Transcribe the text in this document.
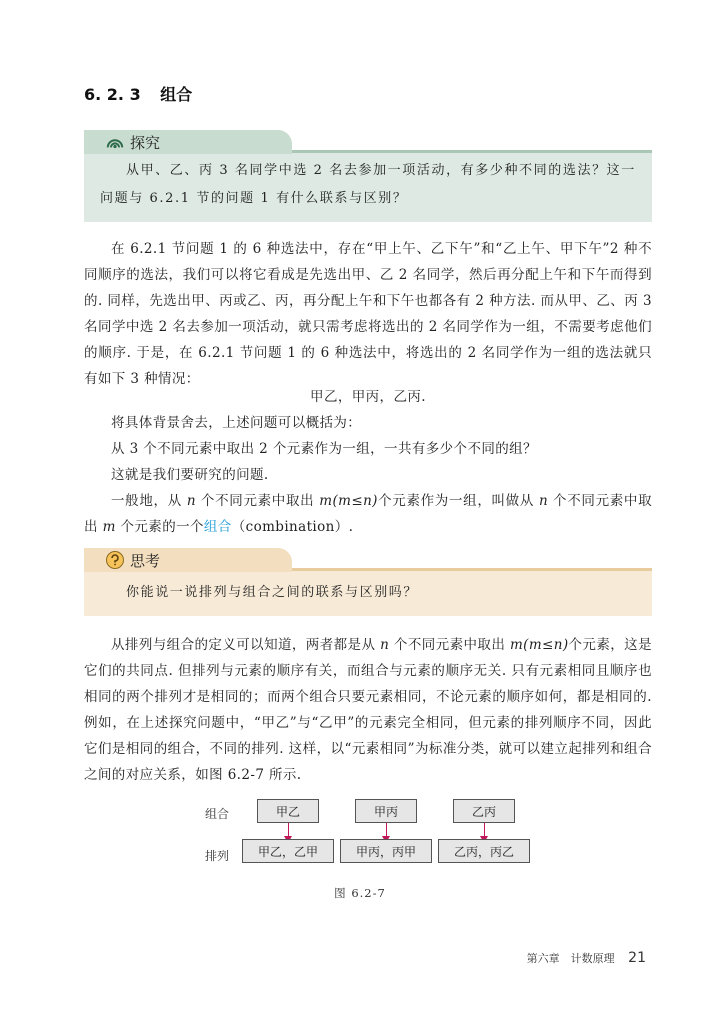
6. 2. 3 组合
从甲、乙、丙 3 名同学中选 2 名去参加一项活动，有多少种不同的选法？这一问题与 6.2.1 节的问题 1 有什么联系与区别？
探究
在 6.2.1 节问题 1 的 6 种选法中，存在“甲上午、乙下午”和“乙上午、甲下午”2 种不同顺序的选法，我们可以将它看成是先选出甲、乙 2 名同学，然后再分配上午和下午而得到的. 同样，先选出甲、丙或乙、丙，再分配上午和下午也都各有 2 种方法. 而从甲、乙、丙 3 名同学中选 2 名去参加一项活动，就只需考虑将选出的 2 名同学作为一组，不需要考虑他们的顺序. 于是，在 6.2.1 节问题 1 的 6 种选法中，将选出的 2 名同学作为一组的选法就只有如下 3 种情况：
甲乙，甲丙，乙丙.
将具体背景舍去，上述问题可以概括为：
从 3 个不同元素中取出 2 个元素作为一组，一共有多少个不同的组？
这就是我们要研究的问题.
一般地，从 n 个不同元素中取出 m(m≤n)个元素作为一组，叫做从 n 个不同元素中取出 m 个元素的一个组合（combination）.
你能说一说排列与组合之间的联系与区别吗？
思考
从排列与组合的定义可以知道，两者都是从 n 个不同元素中取出 m(m≤n)个元素，这是它们的共同点. 但排列与元素的顺序有关，而组合与元素的顺序无关. 只有元素相同且顺序也相同的两个排列才是相同的；而两个组合只要元素相同，不论元素的顺序如何，都是相同的. 例如，在上述探究问题中，“甲乙”与“乙甲”的元素完全相同，但元素的排列顺序不同，因此它们是相同的组合，不同的排列. 这样，以“元素相同”为标准分类，就可以建立起排列和组合之间的对应关系，如图 6.2-7 所示.
组合
排列
甲乙	甲丙	乙丙
甲乙，乙甲	甲丙，丙甲	乙丙，丙乙
图 6.2-7
第六章　计数原理 21
